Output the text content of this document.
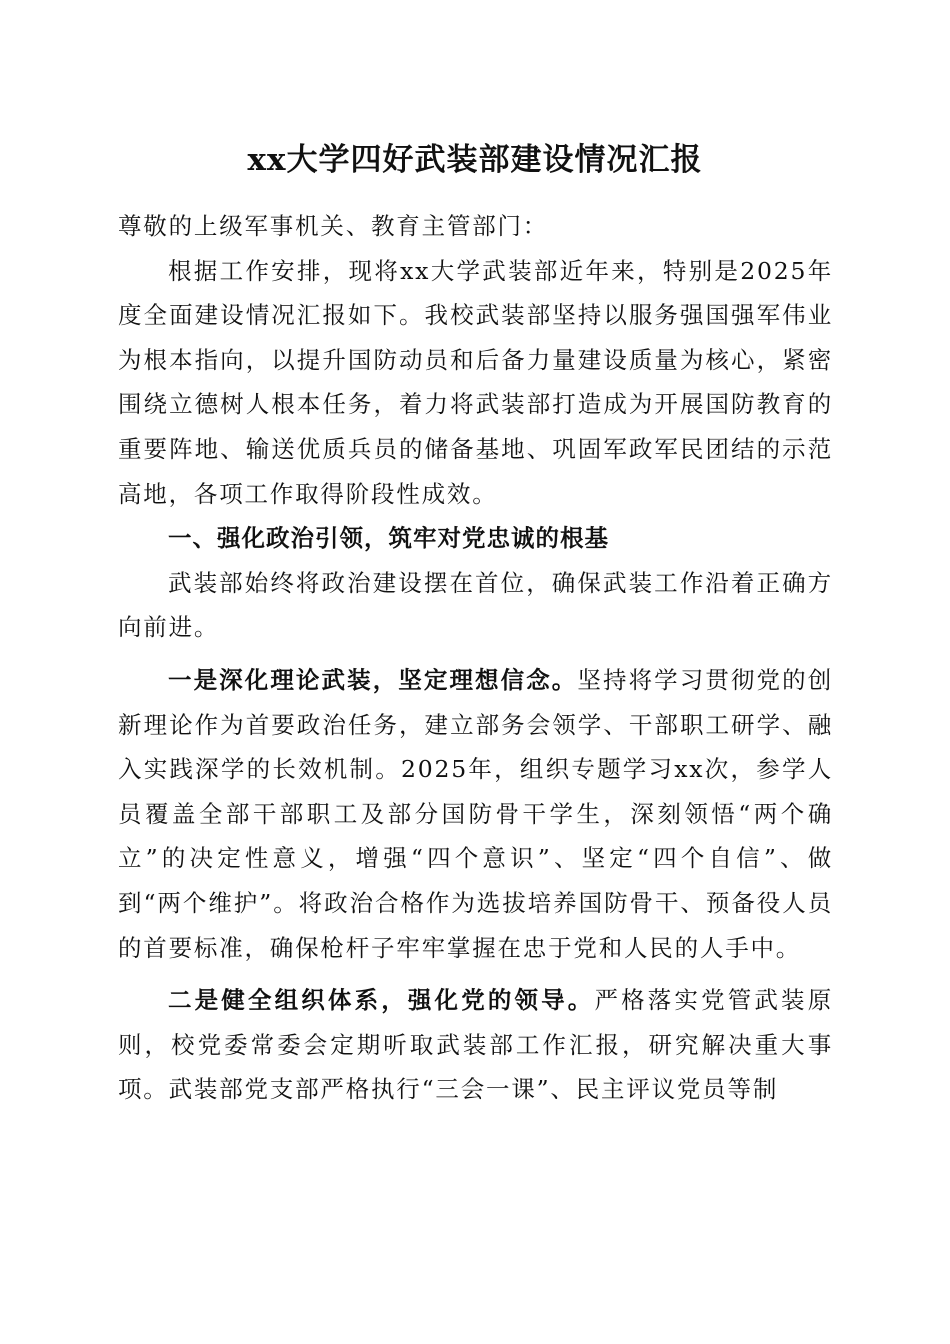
xx大学四好武装部建设情况汇报

尊敬的上级军事机关、教育主管部门：

根据工作安排，现将xx大学武装部近年来，特别是2025年度全面建设情况汇报如下。我校武装部坚持以服务强国强军伟业为根本指向，以提升国防动员和后备力量建设质量为核心，紧密围绕立德树人根本任务，着力将武装部打造成为开展国防教育的重要阵地、输送优质兵员的储备基地、巩固军政军民团结的示范高地，各项工作取得阶段性成效。

一、强化政治引领，筑牢对党忠诚的根基

武装部始终将政治建设摆在首位，确保武装工作沿着正确方向前进。

一是深化理论武装，坚定理想信念。坚持将学习贯彻党的创新理论作为首要政治任务，建立部务会领学、干部职工研学、融入实践深学的长效机制。2025年，组织专题学习xx次，参学人员覆盖全部干部职工及部分国防骨干学生，深刻领悟“两个确立”的决定性意义，增强“四个意识”、坚定“四个自信”、做到“两个维护”。将政治合格作为选拔培养国防骨干、预备役人员的首要标准，确保枪杆子牢牢掌握在忠于党和人民的人手中。

二是健全组织体系，强化党的领导。严格落实党管武装原则，校党委常委会定期听取武装部工作汇报，研究解决重大事项。武装部党支部严格执行“三会一课”、民主评议党员等制
